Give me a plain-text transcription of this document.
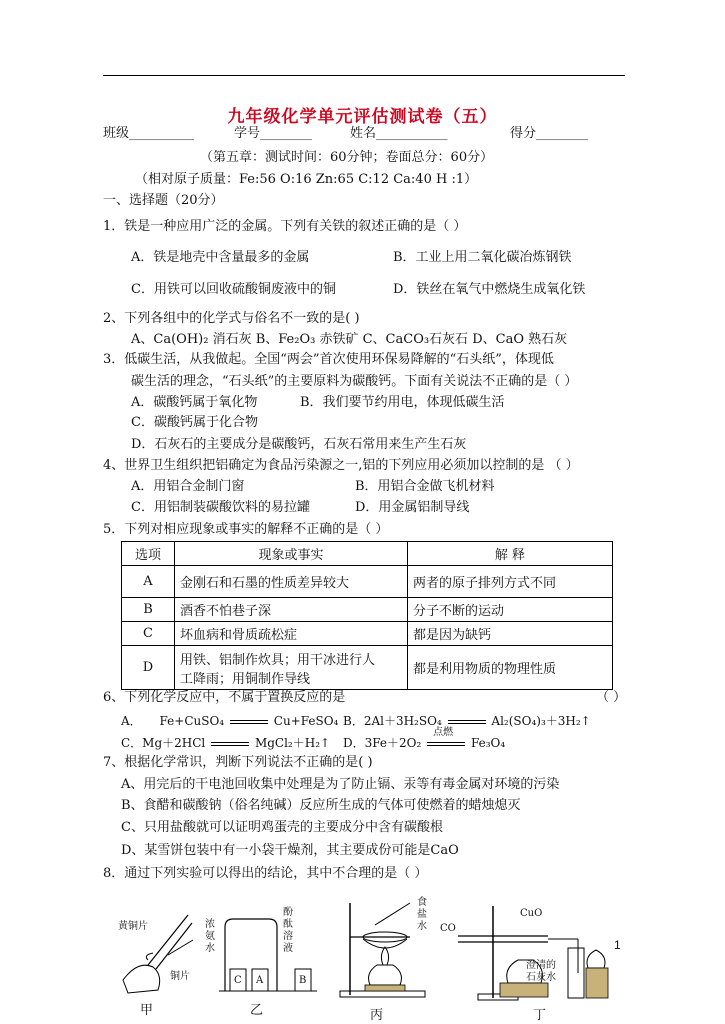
九年级化学单元评估测试卷（五）
班级__________	学号________	姓名___________	得分________
（第五章：测试时间：60分钟；卷面总分：60分）
（相对原子质量：Fe:56 O:16 Zn:65 C:12 Ca:40 H :1）
一、选择题（20分）
1．铁是一种应用广泛的金属。下列有关铁的叙述正确的是（ ）
A．铁是地壳中含量最多的金属	B．工业上用二氧化碳冶炼钢铁
C．用铁可以回收硫酸铜废液中的铜	D．铁丝在氧气中燃烧生成氧化铁
2、下列各组中的化学式与俗名不一致的是( )
A、Ca(OH)₂ 消石灰 B、Fe₂O₃ 赤铁矿 C、CaCO₃石灰石 D、CaO 熟石灰
3．低碳生活，从我做起。全国“两会”首次使用环保易降解的“石头纸”，体现低
碳生活的理念，“石头纸”的主要原料为碳酸钙。下面有关说法不正确的是（ ）
A．碳酸钙属于氧化物	B．我们要节约用电，体现低碳生活
C．碳酸钙属于化合物
D．石灰石的主要成分是碳酸钙，石灰石常用来生产生石灰
4、世界卫生组织把铝确定为食品污染源之一,铝的下列应用必须加以控制的是 （ ）
A．用铝合金制门窗	B．用铝合金做飞机材料
C．用铝制装碳酸饮料的易拉罐	D．用金属铝制导线
5．下列对相应现象或事实的解释不正确的是（ ）
选项	现象或事实	解 释
A	金刚石和石墨的性质差异较大	两者的原子排列方式不同
B	酒香不怕巷子深	分子不断的运动
C	坏血病和骨质疏松症	都是因为缺钙
D	用铁、铝制作炊具；用干冰进行人
工降雨；用铜制作导线	都是利用物质的物理性质
6、下列化学反应中，不属于置换反应的是	（ ）
A． Fe+CuSO₄	Cu+FeSO₄ B．2Al＋3H₂SO₄	Al₂(SO₄)₃＋3H₂↑
C．Mg＋2HCl	MgCl₂＋H₂↑ D．3Fe＋2O₂
点燃
Fe₃O₄
7、根据化学常识，判断下列说法不正确的是( )
A、用完后的干电池回收集中处理是为了防止镉、汞等有毒金属对环境的污染
B、食醋和碳酸钠（俗名纯碱）反应所生成的气体可使燃着的蜡烛熄灭
C、只用盐酸就可以证明鸡蛋壳的主要成分中含有碳酸根
D、某雪饼包装中有一小袋干燥剂，其主要成份可能是CaO
8．通过下列实验可以得出的结论，其中不合理的是（ ）
黄铜片
铜片
甲
浓
氨
水
酚
酞
溶
液
C A	B
乙
食
盐
水
丙
CO
CuO
澄清的
石灰水
丁
1
